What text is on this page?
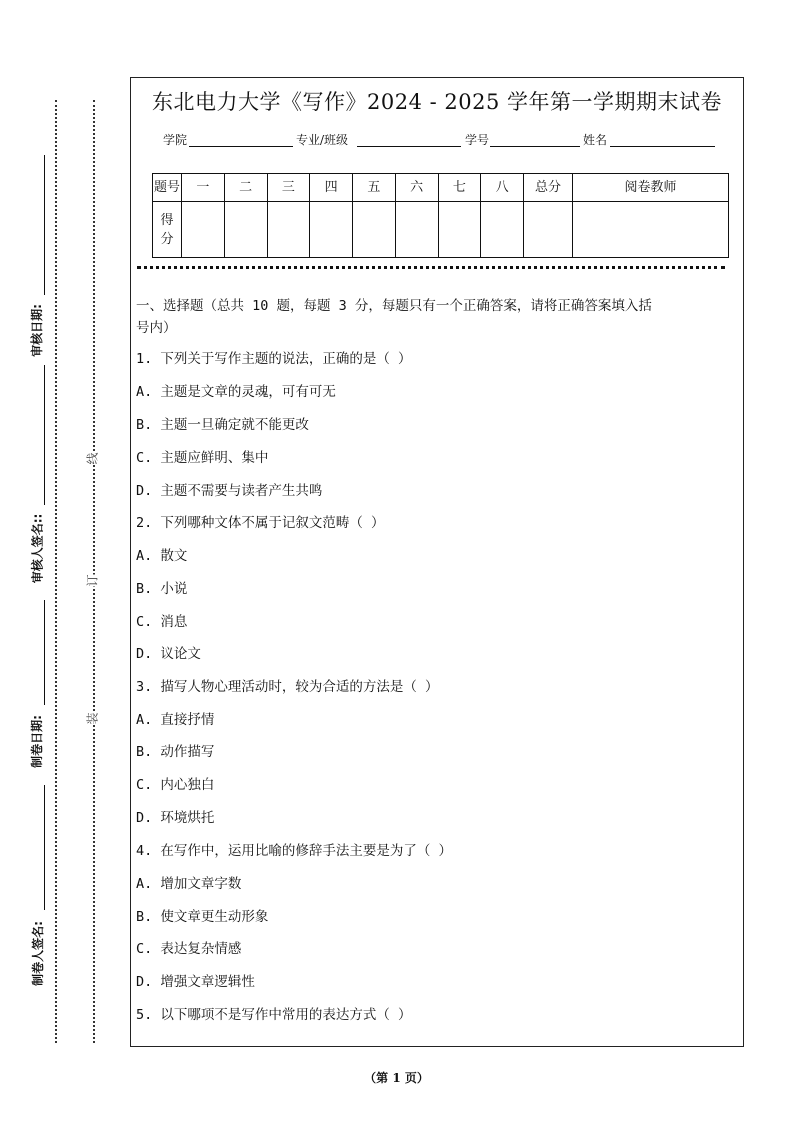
审核日期:
审核人签名::
制卷日期:
制卷人签名:
线
订
装
东北电力大学《写作》2024 - 2025 学年第一学期期末试卷
学院	专业/班级	学号	姓名
题号	一	二	三	四	五	六	七	八	总分	阅卷教师
得分										
一、选择题（总共 10 题，每题 3 分，每题只有一个正确答案，请将正确答案填入括
号内）
1. 下列关于写作主题的说法，正确的是（ ）
A. 主题是文章的灵魂，可有可无
B. 主题一旦确定就不能更改
C. 主题应鲜明、集中
D. 主题不需要与读者产生共鸣
2. 下列哪种文体不属于记叙文范畴（ ）
A. 散文
B. 小说
C. 消息
D. 议论文
3. 描写人物心理活动时，较为合适的方法是（ ）
A. 直接抒情
B. 动作描写
C. 内心独白
D. 环境烘托
4. 在写作中，运用比喻的修辞手法主要是为了（ ）
A. 增加文章字数
B. 使文章更生动形象
C. 表达复杂情感
D. 增强文章逻辑性
5. 以下哪项不是写作中常用的表达方式（ ）
（第 1 页）
